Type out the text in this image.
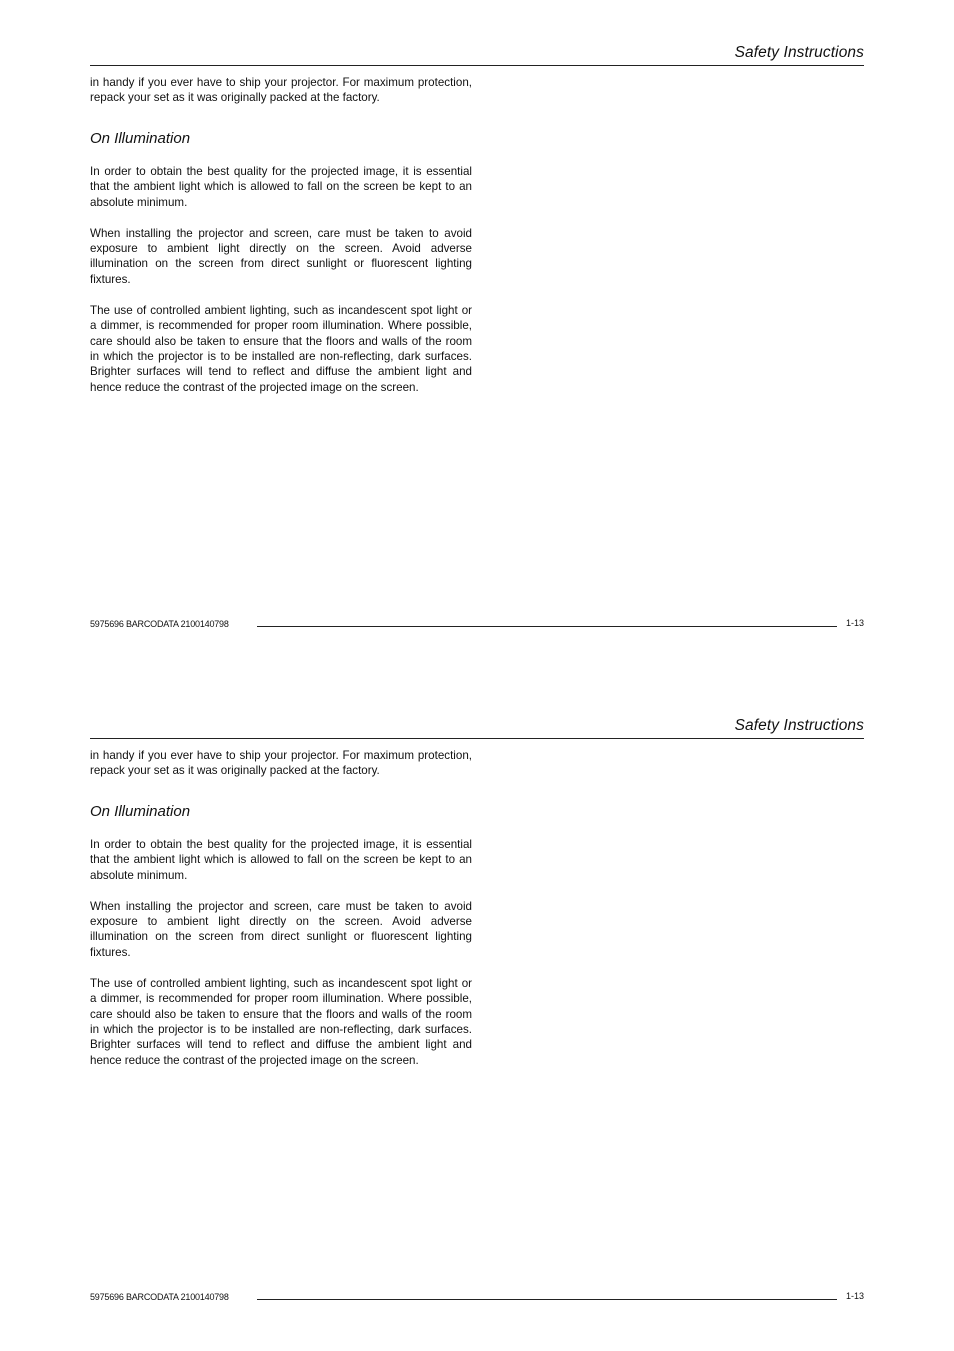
Safety Instructions

in handy if you ever have to ship your projector. For maximum protection, repack your set as it was originally packed at the factory.

On Illumination

In order to obtain the best quality for the projected image, it is essential that the ambient light which is allowed to fall on the screen be kept to an absolute minimum.

When installing the projector and screen, care must be taken to avoid exposure to ambient light directly on the screen. Avoid adverse illumination on the screen from direct sunlight or fluorescent lighting fixtures.

The use of controlled ambient lighting, such as incandescent spot light or a dimmer, is recommended for proper room illumination. Where possible, care should also be taken to ensure that the floors and walls of the room in which the projector is to be installed are non-reflecting, dark surfaces. Brighter surfaces will tend to reflect and diffuse the ambient light and hence reduce the contrast of the projected image on the screen.

5975696 BARCODATA 2100140798	1-13
Safety Instructions

in handy if you ever have to ship your projector. For maximum protection, repack your set as it was originally packed at the factory.

On Illumination

In order to obtain the best quality for the projected image, it is essential that the ambient light which is allowed to fall on the screen be kept to an absolute minimum.

When installing the projector and screen, care must be taken to avoid exposure to ambient light directly on the screen. Avoid adverse illumination on the screen from direct sunlight or fluorescent lighting fixtures.

The use of controlled ambient lighting, such as incandescent spot light or a dimmer, is recommended for proper room illumination. Where possible, care should also be taken to ensure that the floors and walls of the room in which the projector is to be installed are non-reflecting, dark surfaces. Brighter surfaces will tend to reflect and diffuse the ambient light and hence reduce the contrast of the projected image on the screen.

5975696 BARCODATA 2100140798	1-13
